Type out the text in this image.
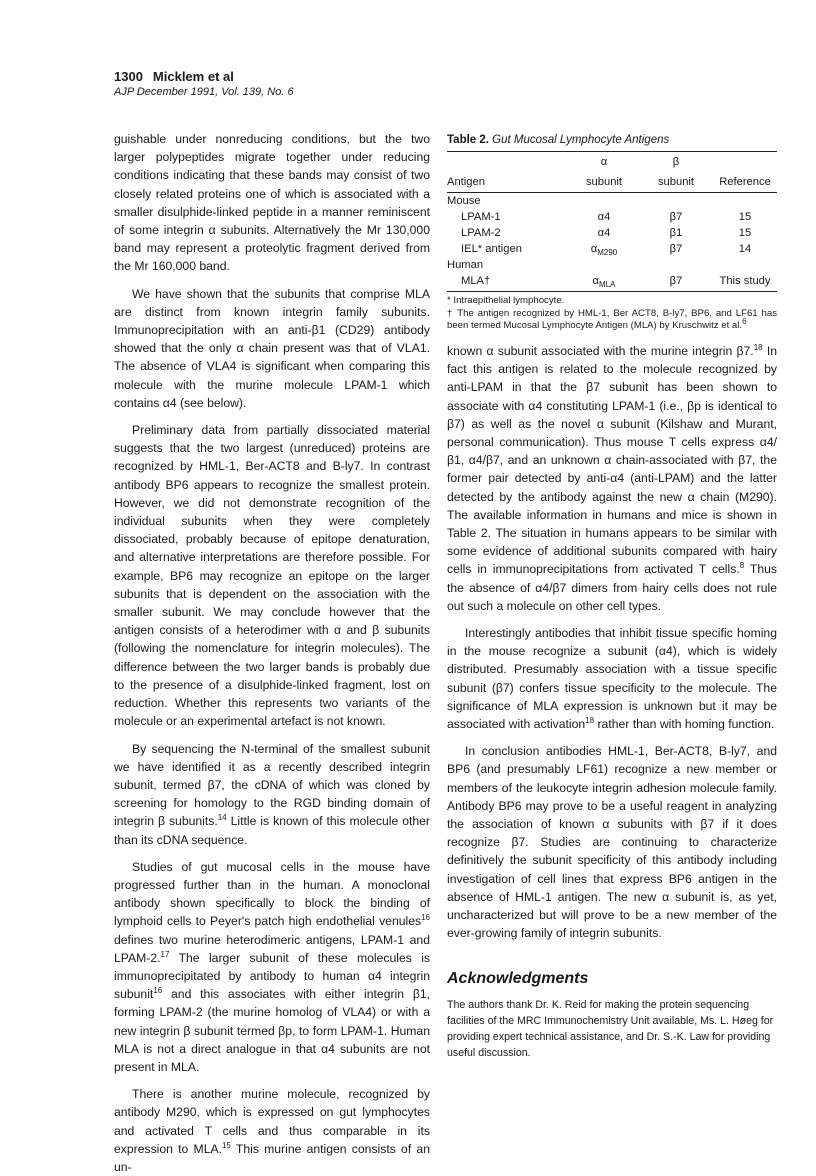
1300 Micklem et al
AJP December 1991, Vol. 139, No. 6

guishable under nonreducing conditions, but the two larger polypeptides migrate together under reducing conditions indicating that these bands may consist of two closely related proteins one of which is associated with a smaller disulphide-linked peptide in a manner reminiscent of some integrin α subunits. Alternatively the Mr 130,000 band may represent a proteolytic fragment derived from the Mr 160,000 band.

We have shown that the subunits that comprise MLA are distinct from known integrin family subunits. Immunoprecipitation with an anti-β1 (CD29) antibody showed that the only α chain present was that of VLA1. The absence of VLA4 is significant when comparing this molecule with the murine molecule LPAM-1 which contains α4 (see below).

Preliminary data from partially dissociated material suggests that the two largest (unreduced) proteins are recognized by HML-1, Ber-ACT8 and B-ly7. In contrast antibody BP6 appears to recognize the smallest protein. However, we did not demonstrate recognition of the individual subunits when they were completely dissociated, probably because of epitope denaturation, and alternative interpretations are therefore possible. For example, BP6 may recognize an epitope on the larger subunits that is dependent on the association with the smaller subunit. We may conclude however that the antigen consists of a heterodimer with α and β subunits (following the nomenclature for integrin molecules). The difference between the two larger bands is probably due to the presence of a disulphide-linked fragment, lost on reduction. Whether this represents two variants of the molecule or an experimental artefact is not known.

By sequencing the N-terminal of the smallest subunit we have identified it as a recently described integrin subunit, termed β7, the cDNA of which was cloned by screening for homology to the RGD binding domain of integrin β subunits.$^{14}$ Little is known of this molecule other than its cDNA sequence.

Studies of gut mucosal cells in the mouse have progressed further than in the human. A monoclonal antibody shown specifically to block the binding of lymphoid cells to Peyer's patch high endothelial venules$^{16}$ defines two murine heterodimeric antigens, LPAM-1 and LPAM-2.17 The larger subunit of these molecules is immunoprecipitated by antibody to human α4 integrin subunit$^{16}$ and this associates with either integrin β1, forming LPAM-2 (the murine homolog of VLA4) or with a new integrin β subunit termed βp, to form LPAM-1. Human MLA is not a direct analogue in that α4 subunits are not present in MLA.

There is another murine molecule, recognized by antibody M290, which is expressed on gut lymphocytes and activated T cells and thus comparable in its expression to MLA.$^{15}$ This murine antigen consists of an un-

Table 2. Gut Mucosal Lymphocyte Antigens
	α	β	
Antigen	subunit	subunit	Reference
Mouse			
LPAM-1	α4	β7	15
LPAM-2	α4	β1	15
IEL* antigen	$\alpha_{M290}$	β7	14
Human			
MLA†	$\alpha_{MLA}$	β7	This study
* Intraepithelial lymphocyte.
† The antigen recognized by HML-1, Ber ACT8, B-ly7, BP6, and LF61 has been termed Mucosal Lymphocyte Antigen (MLA) by Kruschwitz et al.$^6$

known α subunit associated with the murine integrin β7.18 In fact this antigen is related to the molecule recognized by anti-LPAM in that the β7 subunit has been shown to associate with α4 constituting LPAM-1 (i.e., βp is identical to β7) as well as the novel α subunit (Kilshaw and Murant, personal communication). Thus mouse T cells express α4/β1, α4/β7, and an unknown α chain-associated with β7, the former pair detected by anti-α4 (anti-LPAM) and the latter detected by the antibody against the new α chain (M290). The available information in humans and mice is shown in Table 2. The situation in humans appears to be similar with some evidence of additional subunits compared with hairy cells in immunoprecipitations from activated T cells.$^8$ Thus the absence of α4/β7 dimers from hairy cells does not rule out such a molecule on other cell types.

Interestingly antibodies that inhibit tissue specific homing in the mouse recognize a subunit (α4), which is widely distributed. Presumably association with a tissue specific subunit (β7) confers tissue specificity to the molecule. The significance of MLA expression is unknown but it may be associated with activation$^{18}$ rather than with homing function.

In conclusion antibodies HML-1, Ber-ACT8, B-ly7, and BP6 (and presumably LF61) recognize a new member or members of the leukocyte integrin adhesion molecule family. Antibody BP6 may prove to be a useful reagent in analyzing the association of known α subunits with β7 if it does recognize β7. Studies are continuing to characterize definitively the subunit specificity of this antibody including investigation of cell lines that express BP6 antigen in the absence of HML-1 antigen. The new α subunit is, as yet, uncharacterized but will prove to be a new member of the ever-growing family of integrin subunits.

Acknowledgments
The authors thank Dr. K. Reid for making the protein sequencing facilities of the MRC Immunochemistry Unit available, Ms. L. Høeg for providing expert technical assistance, and Dr. S.-K. Law for providing useful discussion.
